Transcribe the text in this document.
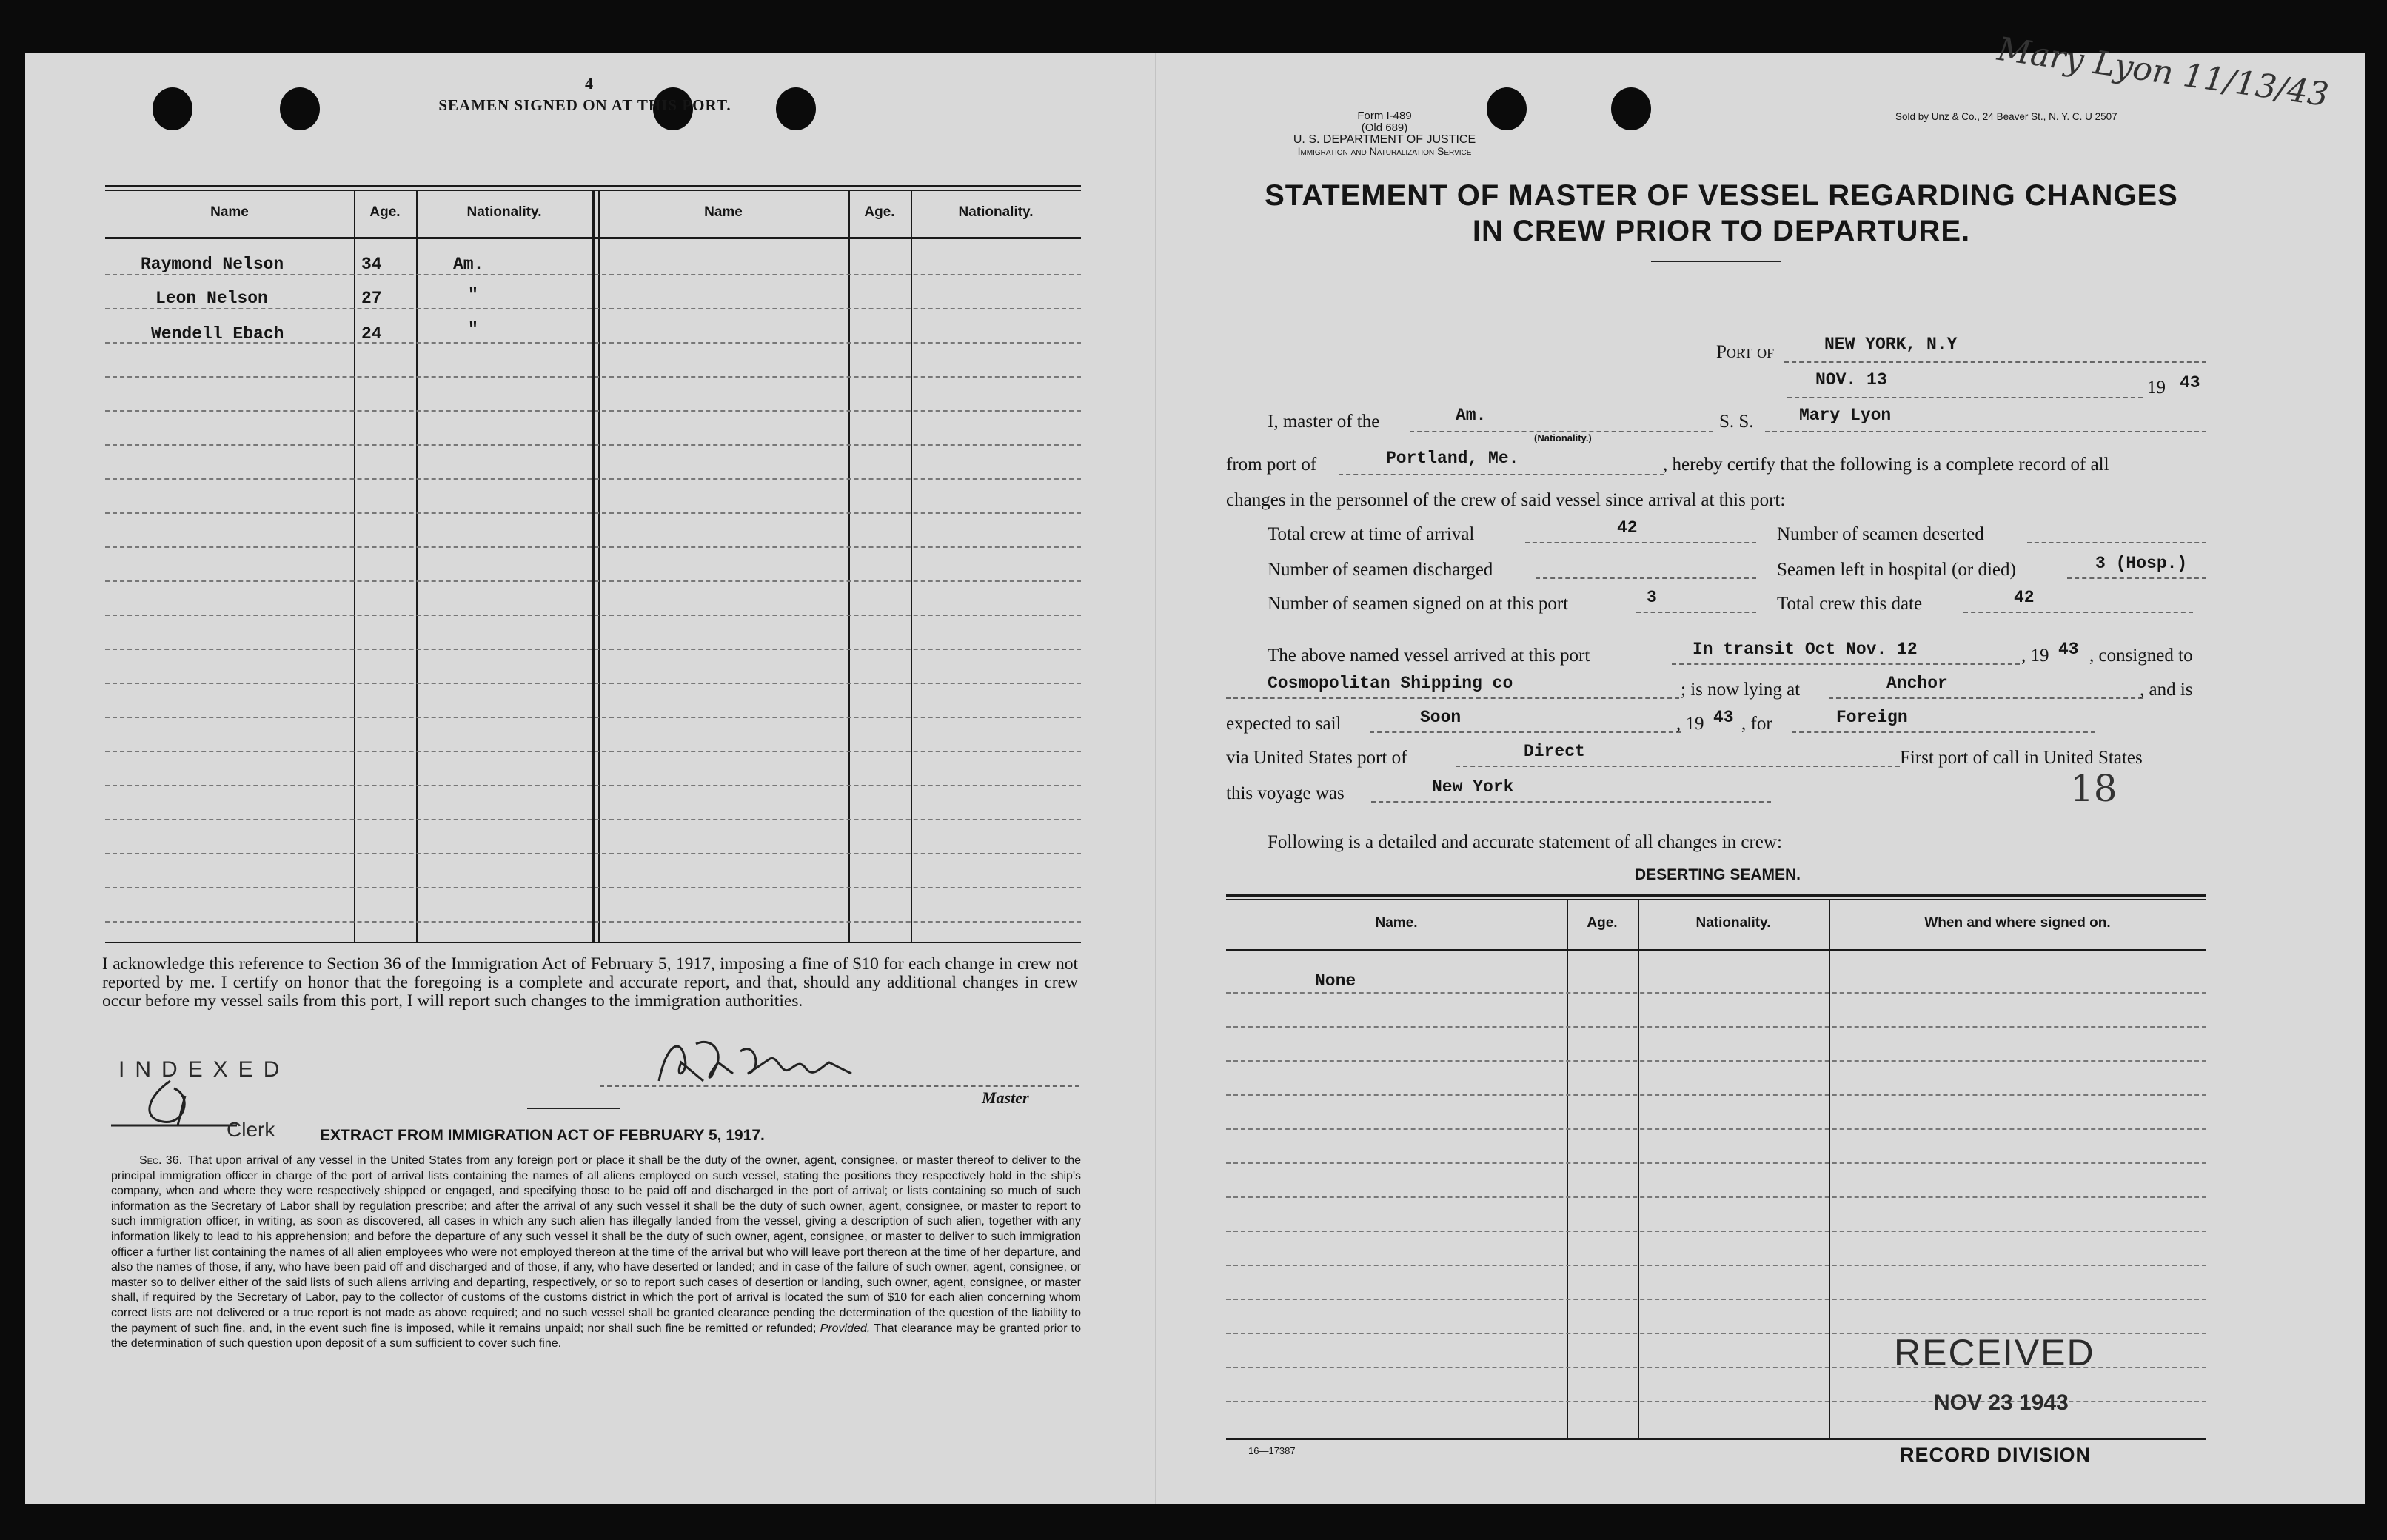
4
SEAMEN SIGNED ON AT THIS PORT.
Name	Age.	Nationality.	Name	Age.	Nationality.
Raymond Nelson	34	Am.
Leon Nelson	27	"
Wendell Ebach	24	"
I acknowledge this reference to Section 36 of the Immigration Act of February 5, 1917, imposing a fine of $10 for each change in crew not reported by me. I certify on honor that the foregoing is a complete and accurate report, and that, should any additional changes in crew occur before my vessel sails from this port, I will report such changes to the immigration authorities.
Master
INDEXED
Clerk	EXTRACT FROM IMMIGRATION ACT OF FEBRUARY 5, 1917.
Sec. 36. That upon arrival of any vessel in the United States from any foreign port or place it shall be the duty of the owner, agent, consignee, or master thereof to deliver to the principal immigration officer in charge of the port of arrival lists containing the names of all aliens employed on such vessel, stating the positions they respectively hold in the ship's company, when and where they were respectively shipped or engaged, and specifying those to be paid off and discharged in the port of arrival; or lists containing so much of such information as the Secretary of Labor shall by regulation prescribe; and after the arrival of any such vessel it shall be the duty of such owner, agent, consignee, or master to report to such immigration officer, in writing, as soon as discovered, all cases in which any such alien has illegally landed from the vessel, giving a description of such alien, together with any information likely to lead to his apprehension; and before the departure of any such vessel it shall be the duty of such owner, agent, consignee, or master to deliver to such immigration officer a further list containing the names of all alien employees who were not employed thereon at the time of the arrival but who will leave port thereon at the time of her departure, and also the names of those, if any, who have been paid off and discharged and of those, if any, who have deserted or landed; and in case of the failure of such owner, agent, consignee, or master so to deliver either of the said lists of such aliens arriving and departing, respectively, or so to report such cases of desertion or landing, such owner, agent, consignee, or master shall, if required by the Secretary of Labor, pay to the collector of customs of the customs district in which the port of arrival is located the sum of $10 for each alien concerning whom correct lists are not delivered or a true report is not made as above required; and no such vessel shall be granted clearance pending the determination of the question of the liability to the payment of such fine, and, in the event such fine is imposed, while it remains unpaid; nor shall such fine be remitted or refunded; Provided, That clearance may be granted prior to the determination of such question upon deposit of a sum sufficient to cover such fine.
Form I-489
(Old 689)
U. S. DEPARTMENT OF JUSTICE
Immigration and Naturalization Service
Sold by Unz & Co., 24 Beaver St., N. Y. C. U 2507
Mary Lyon 11/13/43
STATEMENT OF MASTER OF VESSEL REGARDING CHANGES
IN CREW PRIOR TO DEPARTURE.
Port of	NEW YORK, N.Y
NOV. 13	19 43
I, master of the	Am.
(Nationality.)
S. S.	Mary Lyon
from port of	Portland, Me.	, hereby certify that the following is a complete record of all
changes in the personnel of the crew of said vessel since arrival at this port:
Total crew at time of arrival	42	Number of seamen deserted
Number of seamen discharged	Seamen left in hospital (or died)	3 (Hosp.)
Number of seamen signed on at this port	3	Total crew this date	42
The above named vessel arrived at this port	In transit Oct Nov. 12	, 19 43 , consigned to
Cosmopolitan Shipping co	; is now lying at	Anchor	, and is
expected to sail	Soon	, 19 43 , for	Foreign
via United States port of	Direct	First port of call in United States
this voyage was	New York	18
Following is a detailed and accurate statement of all changes in crew:
DESERTING SEAMEN.
Name.	Age.	Nationality.	When and where signed on.
None
RECEIVED
NOV 23 1943
16—17387	RECORD DIVISION
